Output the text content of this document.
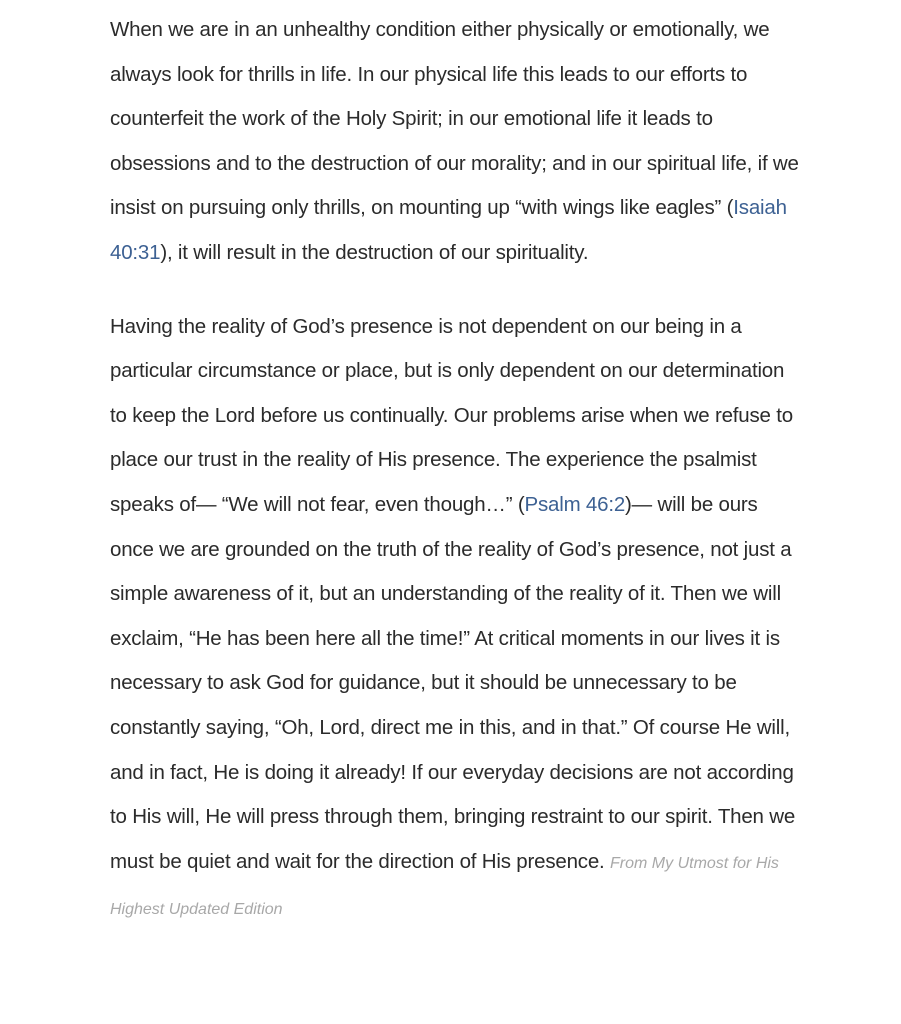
When we are in an unhealthy condition either physically or emotionally, we always look for thrills in life. In our physical life this leads to our efforts to counterfeit the work of the Holy Spirit; in our emotional life it leads to obsessions and to the destruction of our morality; and in our spiritual life, if we insist on pursuing only thrills, on mounting up “with wings like eagles” (Isaiah 40:31), it will result in the destruction of our spirituality.

Having the reality of God’s presence is not dependent on our being in a particular circumstance or place, but is only dependent on our determination to keep the Lord before us continually. Our problems arise when we refuse to place our trust in the reality of His presence. The experience the psalmist speaks of— “We will not fear, even though…” (Psalm 46:2)— will be ours once we are grounded on the truth of the reality of God’s presence, not just a simple awareness of it, but an understanding of the reality of it. Then we will exclaim, “He has been here all the time!” At critical moments in our lives it is necessary to ask God for guidance, but it should be unnecessary to be constantly saying, “Oh, Lord, direct me in this, and in that.” Of course He will, and in fact, He is doing it already! If our everyday decisions are not according to His will, He will press through them, bringing restraint to our spirit. Then we must be quiet and wait for the direction of His presence. From My Utmost for His Highest Updated Edition
